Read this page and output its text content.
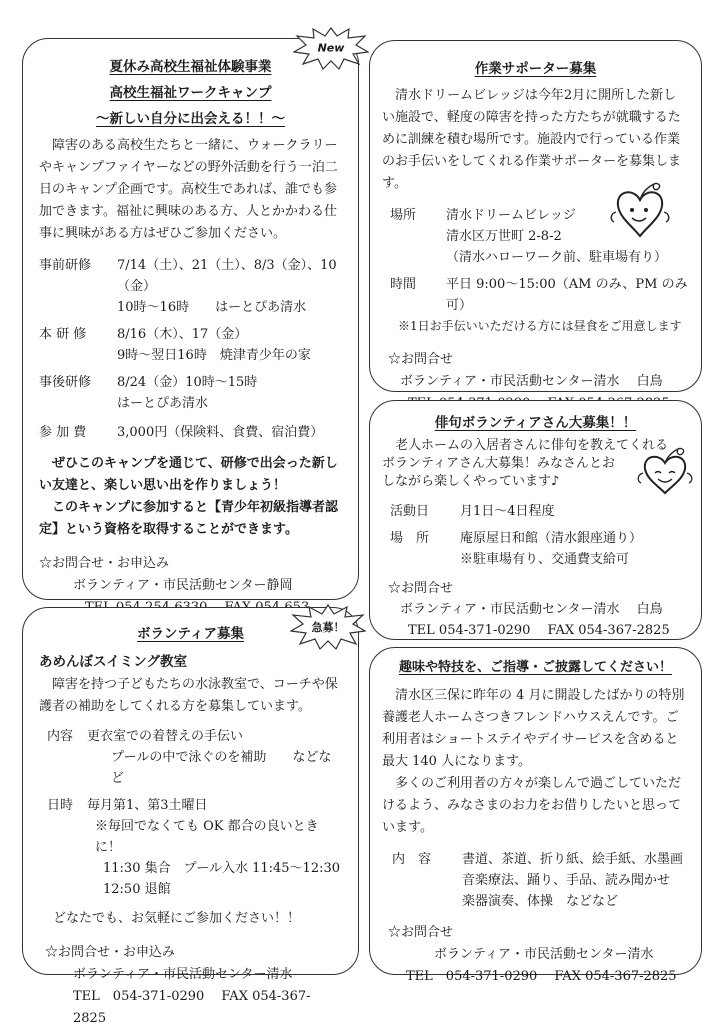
夏休み高校生福祉体験事業
高校生福祉ワークキャンプ
～新しい自分に出会える！！～
障害のある高校生たちと一緒に、ウォークラリーやキャンプファイヤーなどの野外活動を行う一泊二日のキャンプ企画です。高校生であれば、誰でも参加できます。福祉に興味のある方、人とかかわる仕事に興味がある方はぜひご参加ください。
事前研修	7/14（土）、21（土）、8/3（金）、10（金）
10時～16時　　はーとぴあ清水
本 研 修	8/16（木）、17（金）
9時～翌日16時　焼津青少年の家
事後研修	8/24（金）10時～15時
はーとぴあ清水
参 加 費	3,000円（保険料、食費、宿泊費）
ぜひこのキャンプを通じて、研修で出会った新しい友達と、楽しい思い出を作りましょう！
このキャンプに参加すると【青少年初級指導者認定】という資格を取得することができます。
☆お問合せ・お申込み
ボランティア・市民活動センター静岡
New
ボランティア募集
あめんぼスイミング教室
障害を持つ子どもたちの水泳教室で、コーチや保護者の補助をしてくれる方を募集しています。
内容	更衣室での着替えの手伝い
プールの中で泳ぐのを補助　　などなど
日時	毎月第1、第3土曜日
※毎回でなくても OK 都合の良いときに！
11:30 集合　プール入水 11:45～12:30
12:50 退館
どなたでも、お気軽にご参加ください！！
☆お問合せ・お申込み
ボランティア・市民活動センター清水
TEL　054-371-0290　 FAX 054-367-2825
急募！
作業サポーター募集
清水ドリームビレッジは今年2月に開所した新しい施設で、軽度の障害を持った方たちが就職するために訓練を積む場所です。施設内で行っている作業のお手伝いをしてくれる作業サポーターを募集します。
場所	清水ドリームビレッジ
清水区万世町 2-8-2
（清水ハローワーク前、駐車場有り）
時間	平日 9:00～15:00（AM のみ、PM のみ可）
※1日お手伝いいただける方には昼食をご用意します
☆お問合せ
ボランティア・市民活動センター清水　 白鳥
俳句ボランティアさん大募集！！
老人ホームの入居者さんに俳句を教えてくれる
ボランティアさん大募集！みなさんとお
しながら楽しくやっています♪
活動日	月1日～4日程度
場　所	庵原屋日和館（清水銀座通り）
※駐車場有り、交通費支給可
☆お問合せ
ボランティア・市民活動センター清水　 白鳥
TEL 054-371-0290　 FAX 054-367-2825
趣味や特技を、ご指導・ご披露してください！
清水区三保に昨年の 4 月に開設したばかりの特別養護老人ホームさつきフレンドハウスえんです。ご利用者はショートステイやデイサービスを含めると最大 140 人になります。
多くのご利用者の方々が楽しんで過ごしていただけるよう、みなさまのお力をお借りしたいと思っています。
内　容	書道、茶道、折り紙、絵手紙、水墨画
音楽療法、踊り、手品、読み聞かせ
楽器演奏、体操　などなど
☆お問合せ
ボランティア・市民活動センター清水
TEL　054-371-0290　 FAX 054-367-2825
